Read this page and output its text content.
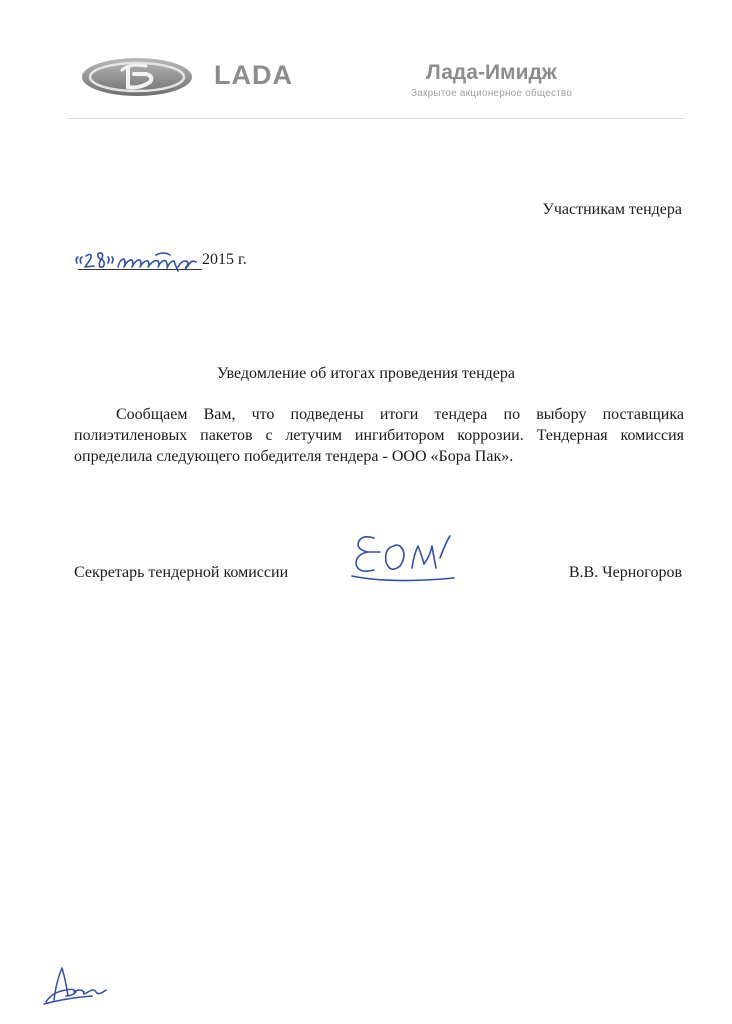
LADA	Лада-Имидж
Закрытое акционерное общество
Участникам тендера
2015 г.
Уведомление об итогах проведения тендера
Сообщаем Вам, что подведены итоги тендера по выбору поставщика полиэтиленовых пакетов с летучим ингибитором коррозии. Тендерная комиссия определила следующего победителя тендера - ООО «Бора Пак».
Секретарь тендерной комиссии	В.В. Черногоров
